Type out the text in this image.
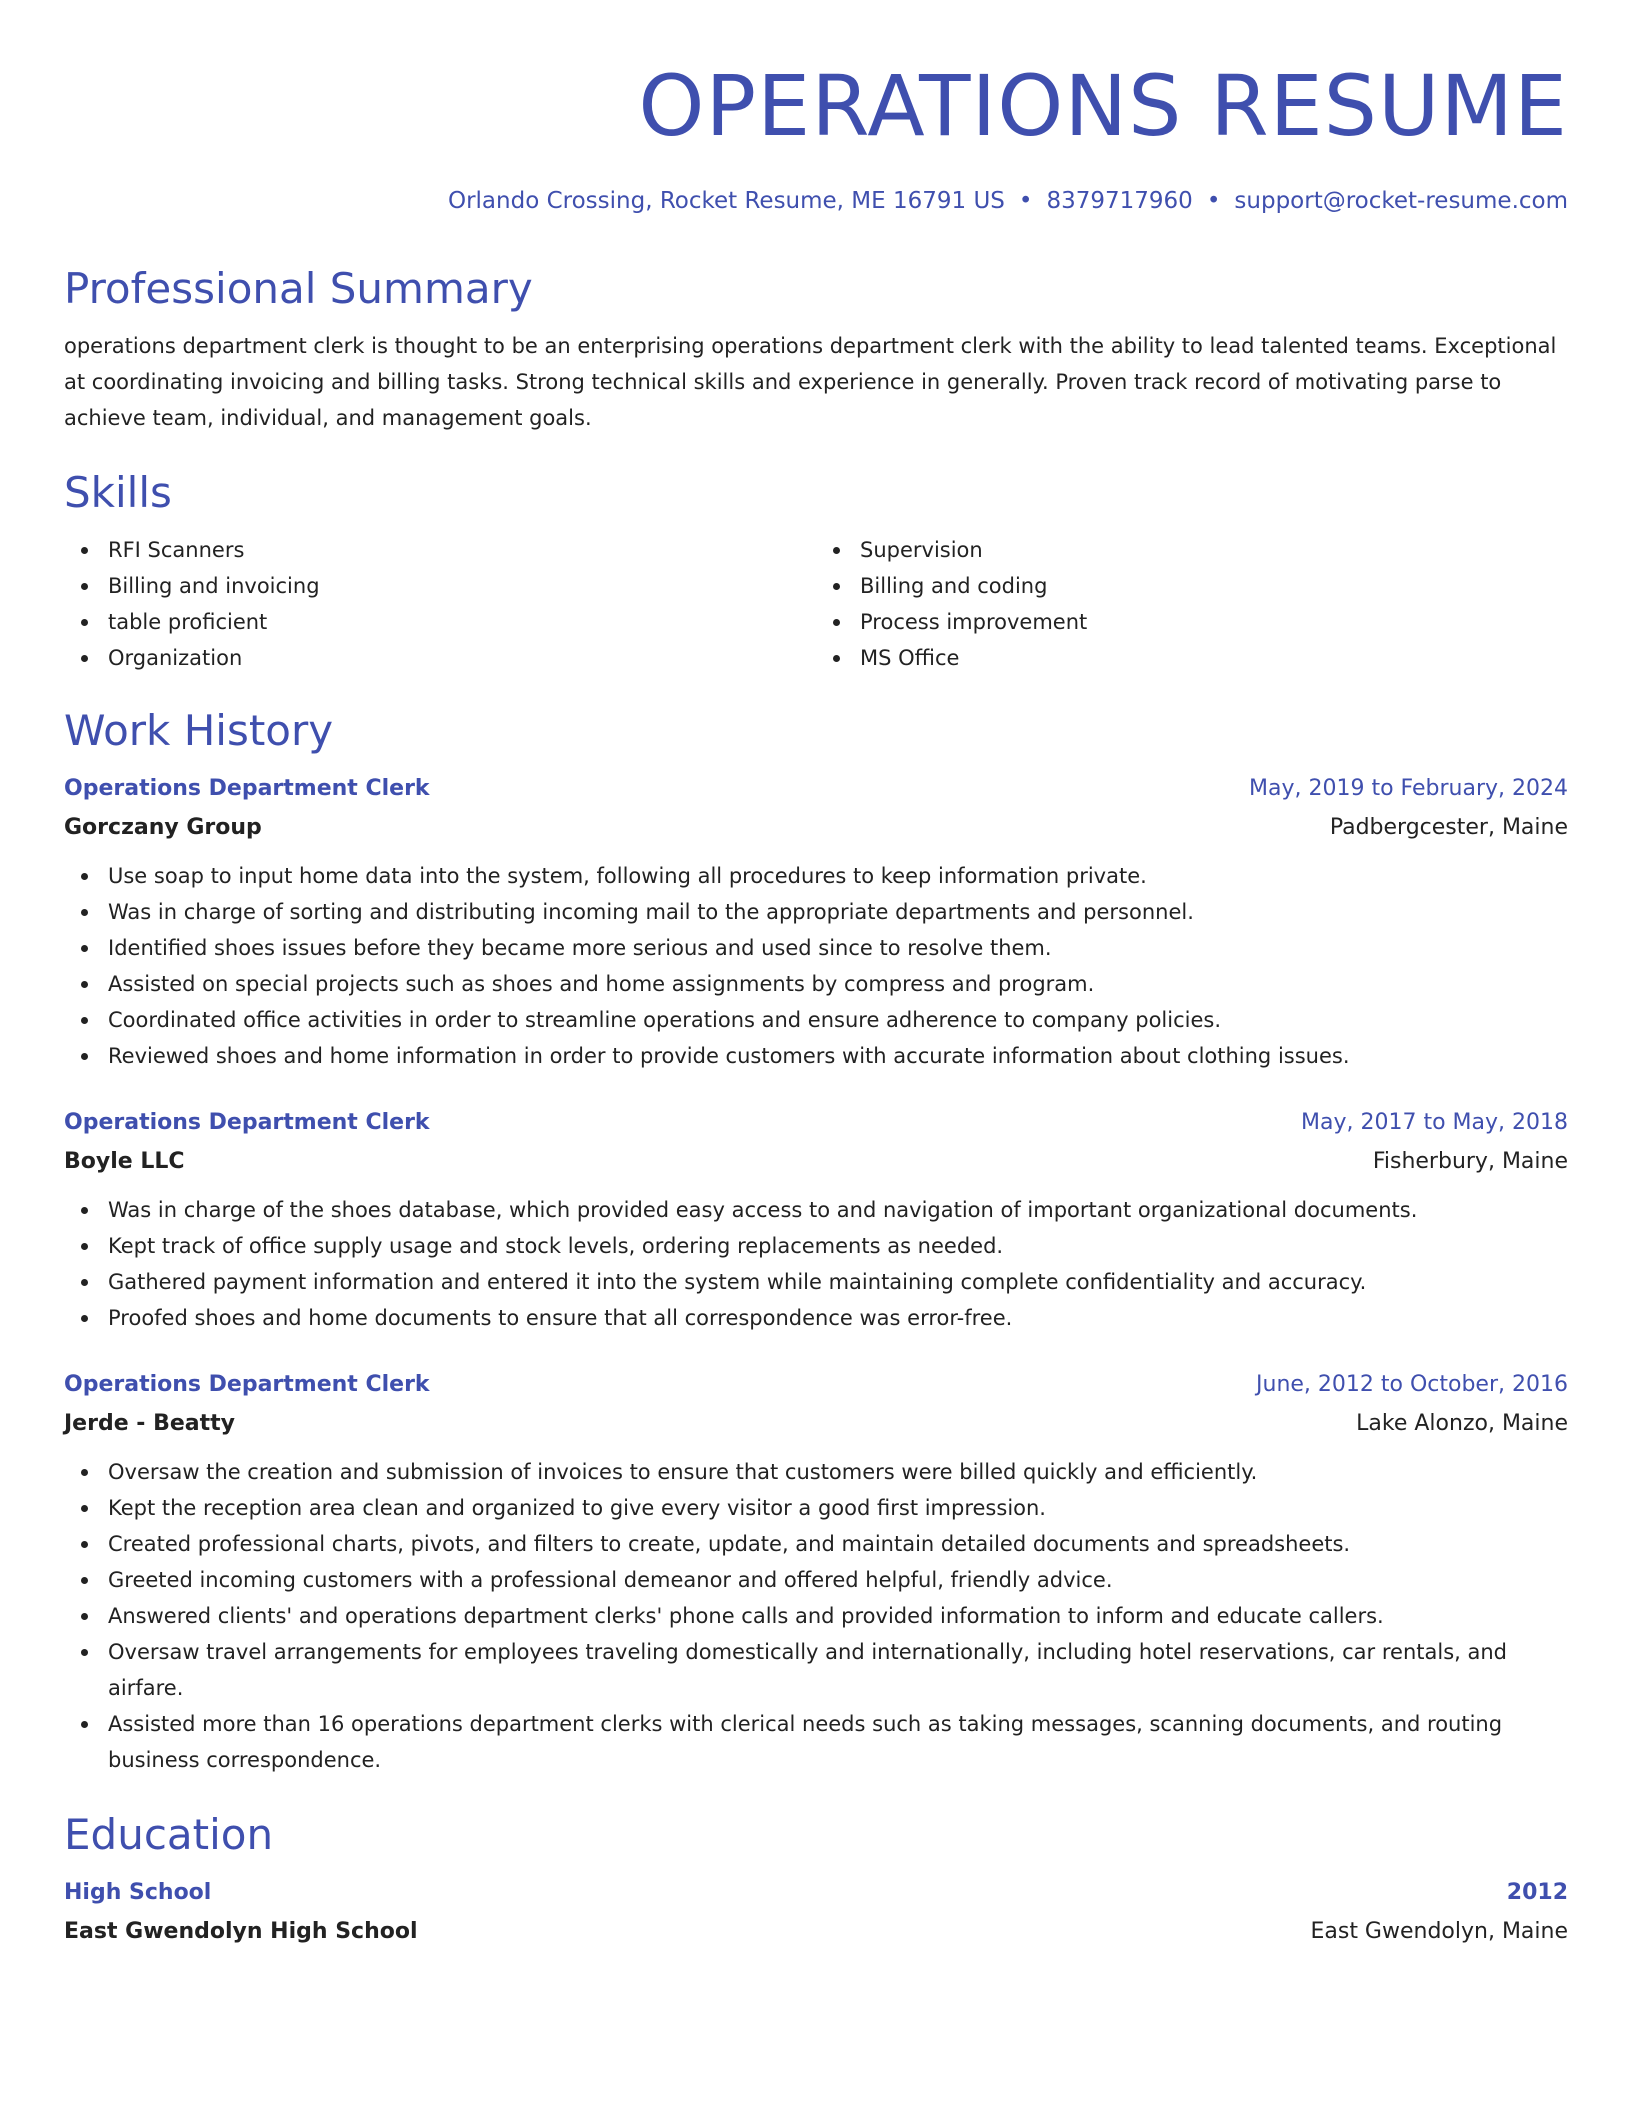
OPERATIONS RESUME
Orlando Crossing, Rocket Resume, ME 16791 US • 8379717960 • support@rocket-resume.com
Professional Summary

operations department clerk is thought to be an enterprising operations department clerk with the ability to lead talented teams. Exceptional at coordinating invoicing and billing tasks. Strong technical skills and experience in generally. Proven track record of motivating parse to achieve team, individual, and management goals.

Skills
RFI Scanners
Billing and invoicing
table proficient
Organization
Supervision
Billing and coding
Process improvement
MS Office
Work History
Operations Department Clerk	May, 2019 to February, 2024
Gorczany Group	Padbergcester, Maine
Use soap to input home data into the system, following all procedures to keep information private.
Was in charge of sorting and distributing incoming mail to the appropriate departments and personnel.
Identified shoes issues before they became more serious and used since to resolve them.
Assisted on special projects such as shoes and home assignments by compress and program.
Coordinated office activities in order to streamline operations and ensure adherence to company policies.
Reviewed shoes and home information in order to provide customers with accurate information about clothing issues.
Operations Department Clerk	May, 2017 to May, 2018
Boyle LLC	Fisherbury, Maine
Was in charge of the shoes database, which provided easy access to and navigation of important organizational documents.
Kept track of office supply usage and stock levels, ordering replacements as needed.
Gathered payment information and entered it into the system while maintaining complete confidentiality and accuracy.
Proofed shoes and home documents to ensure that all correspondence was error-free.
Operations Department Clerk	June, 2012 to October, 2016
Jerde - Beatty	Lake Alonzo, Maine
Oversaw the creation and submission of invoices to ensure that customers were billed quickly and efficiently.
Kept the reception area clean and organized to give every visitor a good first impression.
Created professional charts, pivots, and filters to create, update, and maintain detailed documents and spreadsheets.
Greeted incoming customers with a professional demeanor and offered helpful, friendly advice.
Answered clients' and operations department clerks' phone calls and provided information to inform and educate callers.
Oversaw travel arrangements for employees traveling domestically and internationally, including hotel reservations, car rentals, and airfare.
Assisted more than 16 operations department clerks with clerical needs such as taking messages, scanning documents, and routing business correspondence.
Education
High School	2012
East Gwendolyn High School	East Gwendolyn, Maine
